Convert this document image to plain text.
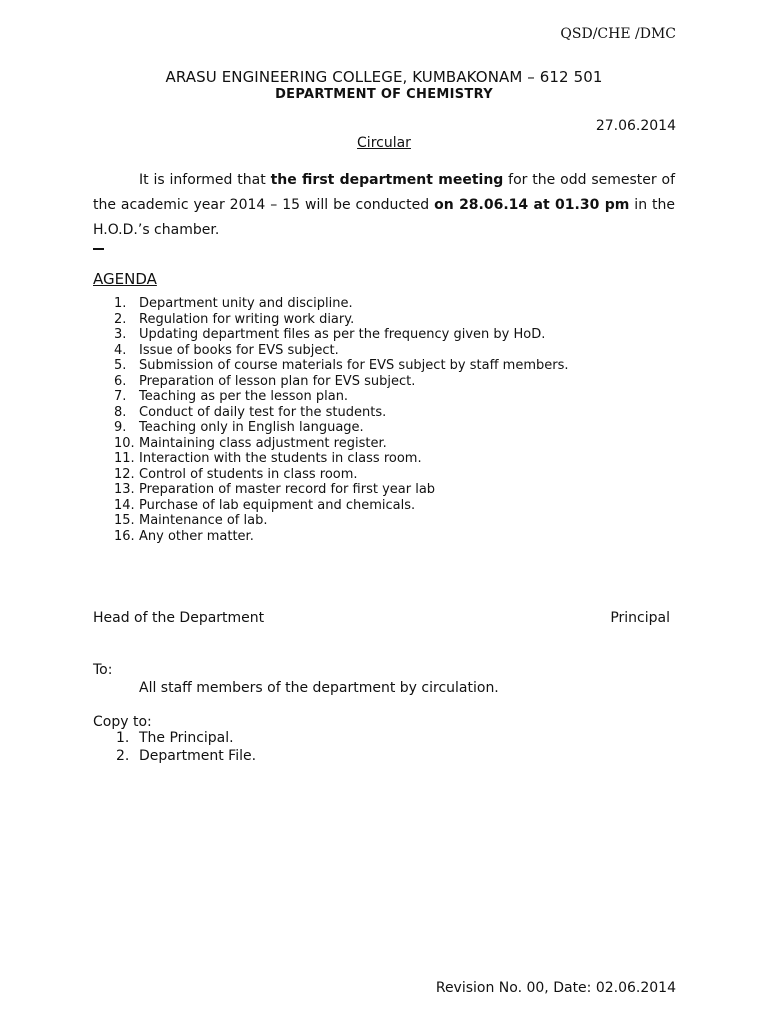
QSD/CHE /DMC
ARASU ENGINEERING COLLEGE, KUMBAKONAM – 612 501
DEPARTMENT OF CHEMISTRY
27.06.2014
Circular
It is informed that the first department meeting for the odd semester of the academic year 2014 – 15 will be conducted on 28.06.14 at 01.30 pm in the H.O.D.’s chamber.
AGENDA
1. Department unity and discipline.
2. Regulation for writing work diary.
3. Updating department files as per the frequency given by HoD.
4. Issue of books for EVS subject.
5. Submission of course materials for EVS subject by staff members.
6. Preparation of lesson plan for EVS subject.
7. Teaching as per the lesson plan.
8. Conduct of daily test for the students.
9. Teaching only in English language.
10. Maintaining class adjustment register.
11. Interaction with the students in class room.
12. Control of students in class room.
13. Preparation of master record for first year lab
14. Purchase of lab equipment and chemicals.
15. Maintenance of lab.
16. Any other matter.
Head of the Department	Principal
To:
All staff members of the department by circulation.
Copy to:
1. The Principal.
2. Department File.
Revision No. 00, Date: 02.06.2014
